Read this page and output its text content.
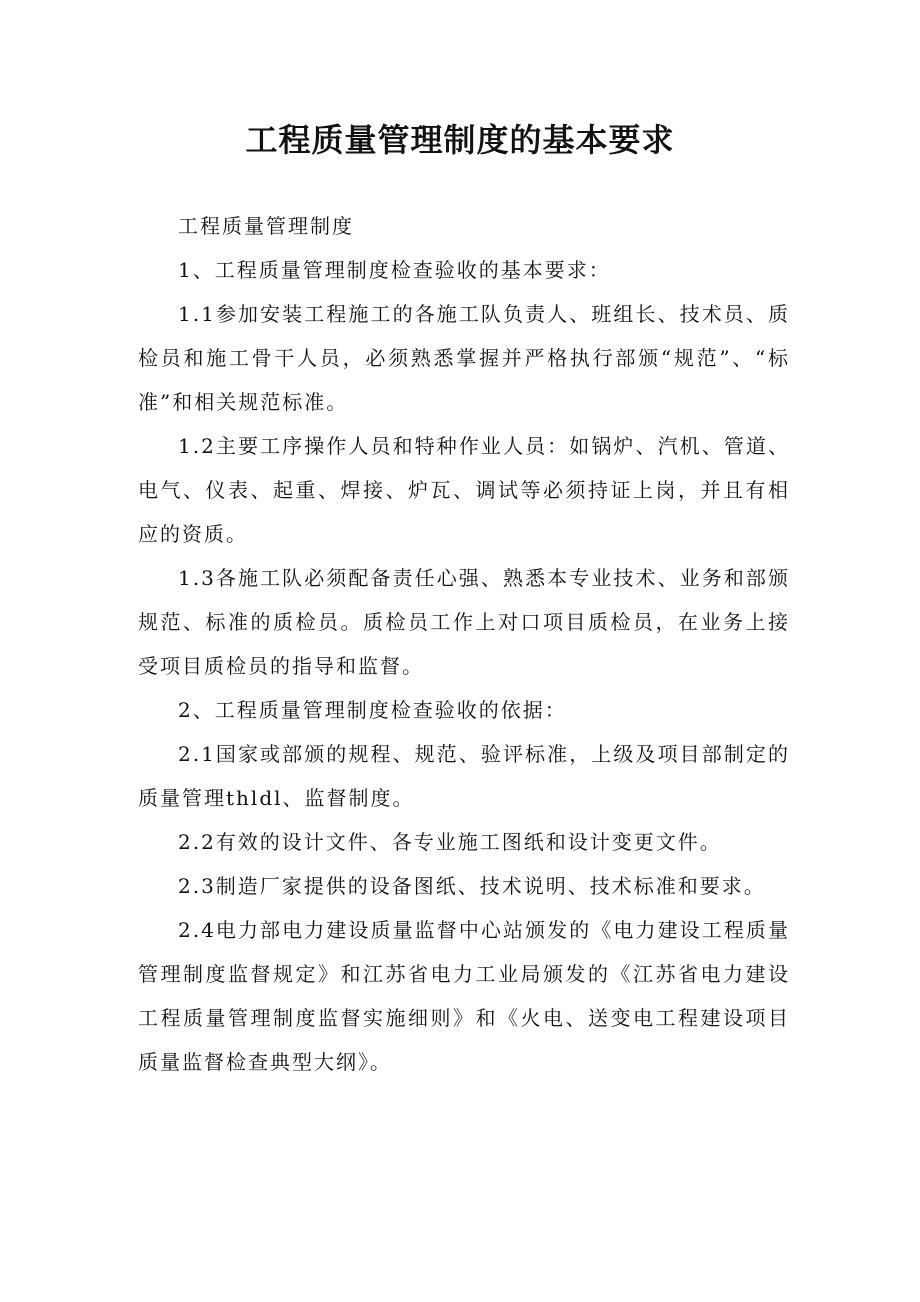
工程质量管理制度的基本要求

工程质量管理制度

1、工程质量管理制度检查验收的基本要求：

1.1参加安装工程施工的各施工队负责人、班组长、技术员、质检员和施工骨干人员，必须熟悉掌握并严格执行部颁“规范”、“标准”和相关规范标准。

1.2主要工序操作人员和特种作业人员：如锅炉、汽机、管道、电气、仪表、起重、焊接、炉瓦、调试等必须持证上岗，并且有相应的资质。

1.3各施工队必须配备责任心强、熟悉本专业技术、业务和部颁规范、标准的质检员。质检员工作上对口项目质检员，在业务上接受项目质检员的指导和监督。

2、工程质量管理制度检查验收的依据：

2.1国家或部颁的规程、规范、验评标准，上级及项目部制定的质量管理thldl、监督制度。

2.2有效的设计文件、各专业施工图纸和设计变更文件。

2.3制造厂家提供的设备图纸、技术说明、技术标准和要求。

2.4电力部电力建设质量监督中心站颁发的《电力建设工程质量管理制度监督规定》和江苏省电力工业局颁发的《江苏省电力建设工程质量管理制度监督实施细则》和《火电、送变电工程建设项目质量监督检查典型大纲》。
